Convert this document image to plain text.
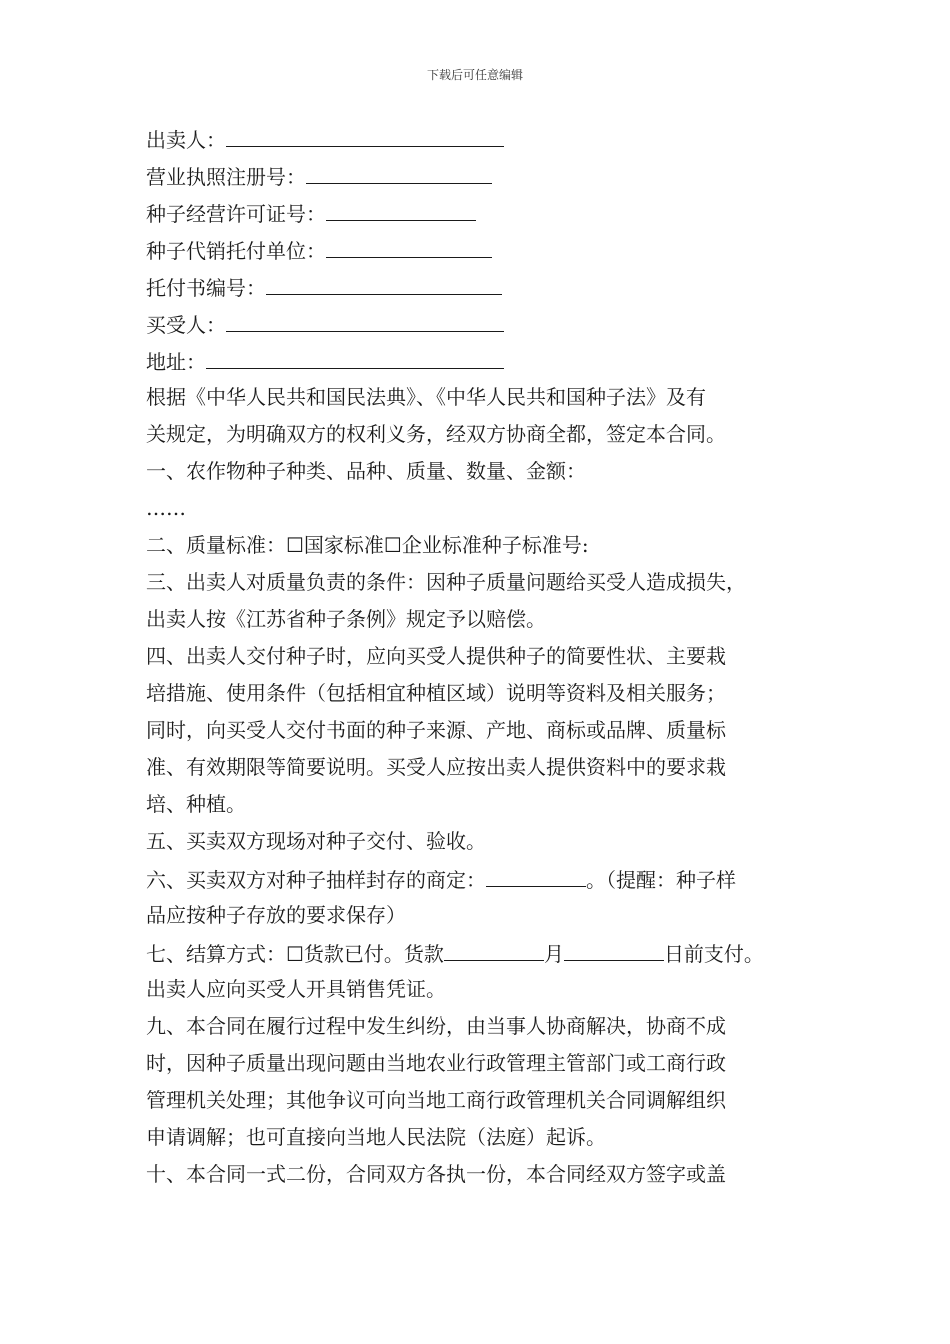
下载后可任意编辑
出卖人：
营业执照注册号：
种子经营许可证号：
种子代销托付单位：
托付书编号：
买受人：
地址：
根据《中华人民共和国民法典》、《中华人民共和国种子法》及有
关规定，为明确双方的权利义务，经双方协商全都，签定本合同。
一、农作物种子种类、品种、质量、数量、金额：
……
二、质量标准：☐国家标准☐企业标准种子标准号:
三、出卖人对质量负责的条件：因种子质量问题给买受人造成损失，
出卖人按《江苏省种子条例》规定予以赔偿。
四、出卖人交付种子时，应向买受人提供种子的简要性状、主要栽
培措施、使用条件（包括相宜种植区域）说明等资料及相关服务；
同时，向买受人交付书面的种子来源、产地、商标或品牌、质量标
准、有效期限等简要说明。买受人应按出卖人提供资料中的要求栽
培、种植。
五、买卖双方现场对种子交付、验收。
六、买卖双方对种子抽样封存的商定：	。（提醒：种子样
品应按种子存放的要求保存）
七、结算方式：☐货款已付。货款	月	日前支付。
出卖人应向买受人开具销售凭证。
九、本合同在履行过程中发生纠纷，由当事人协商解决，协商不成
时，因种子质量出现问题由当地农业行政管理主管部门或工商行政
管理机关处理；其他争议可向当地工商行政管理机关合同调解组织
申请调解；也可直接向当地人民法院（法庭）起诉。
十、本合同一式二份，合同双方各执一份，本合同经双方签字或盖
